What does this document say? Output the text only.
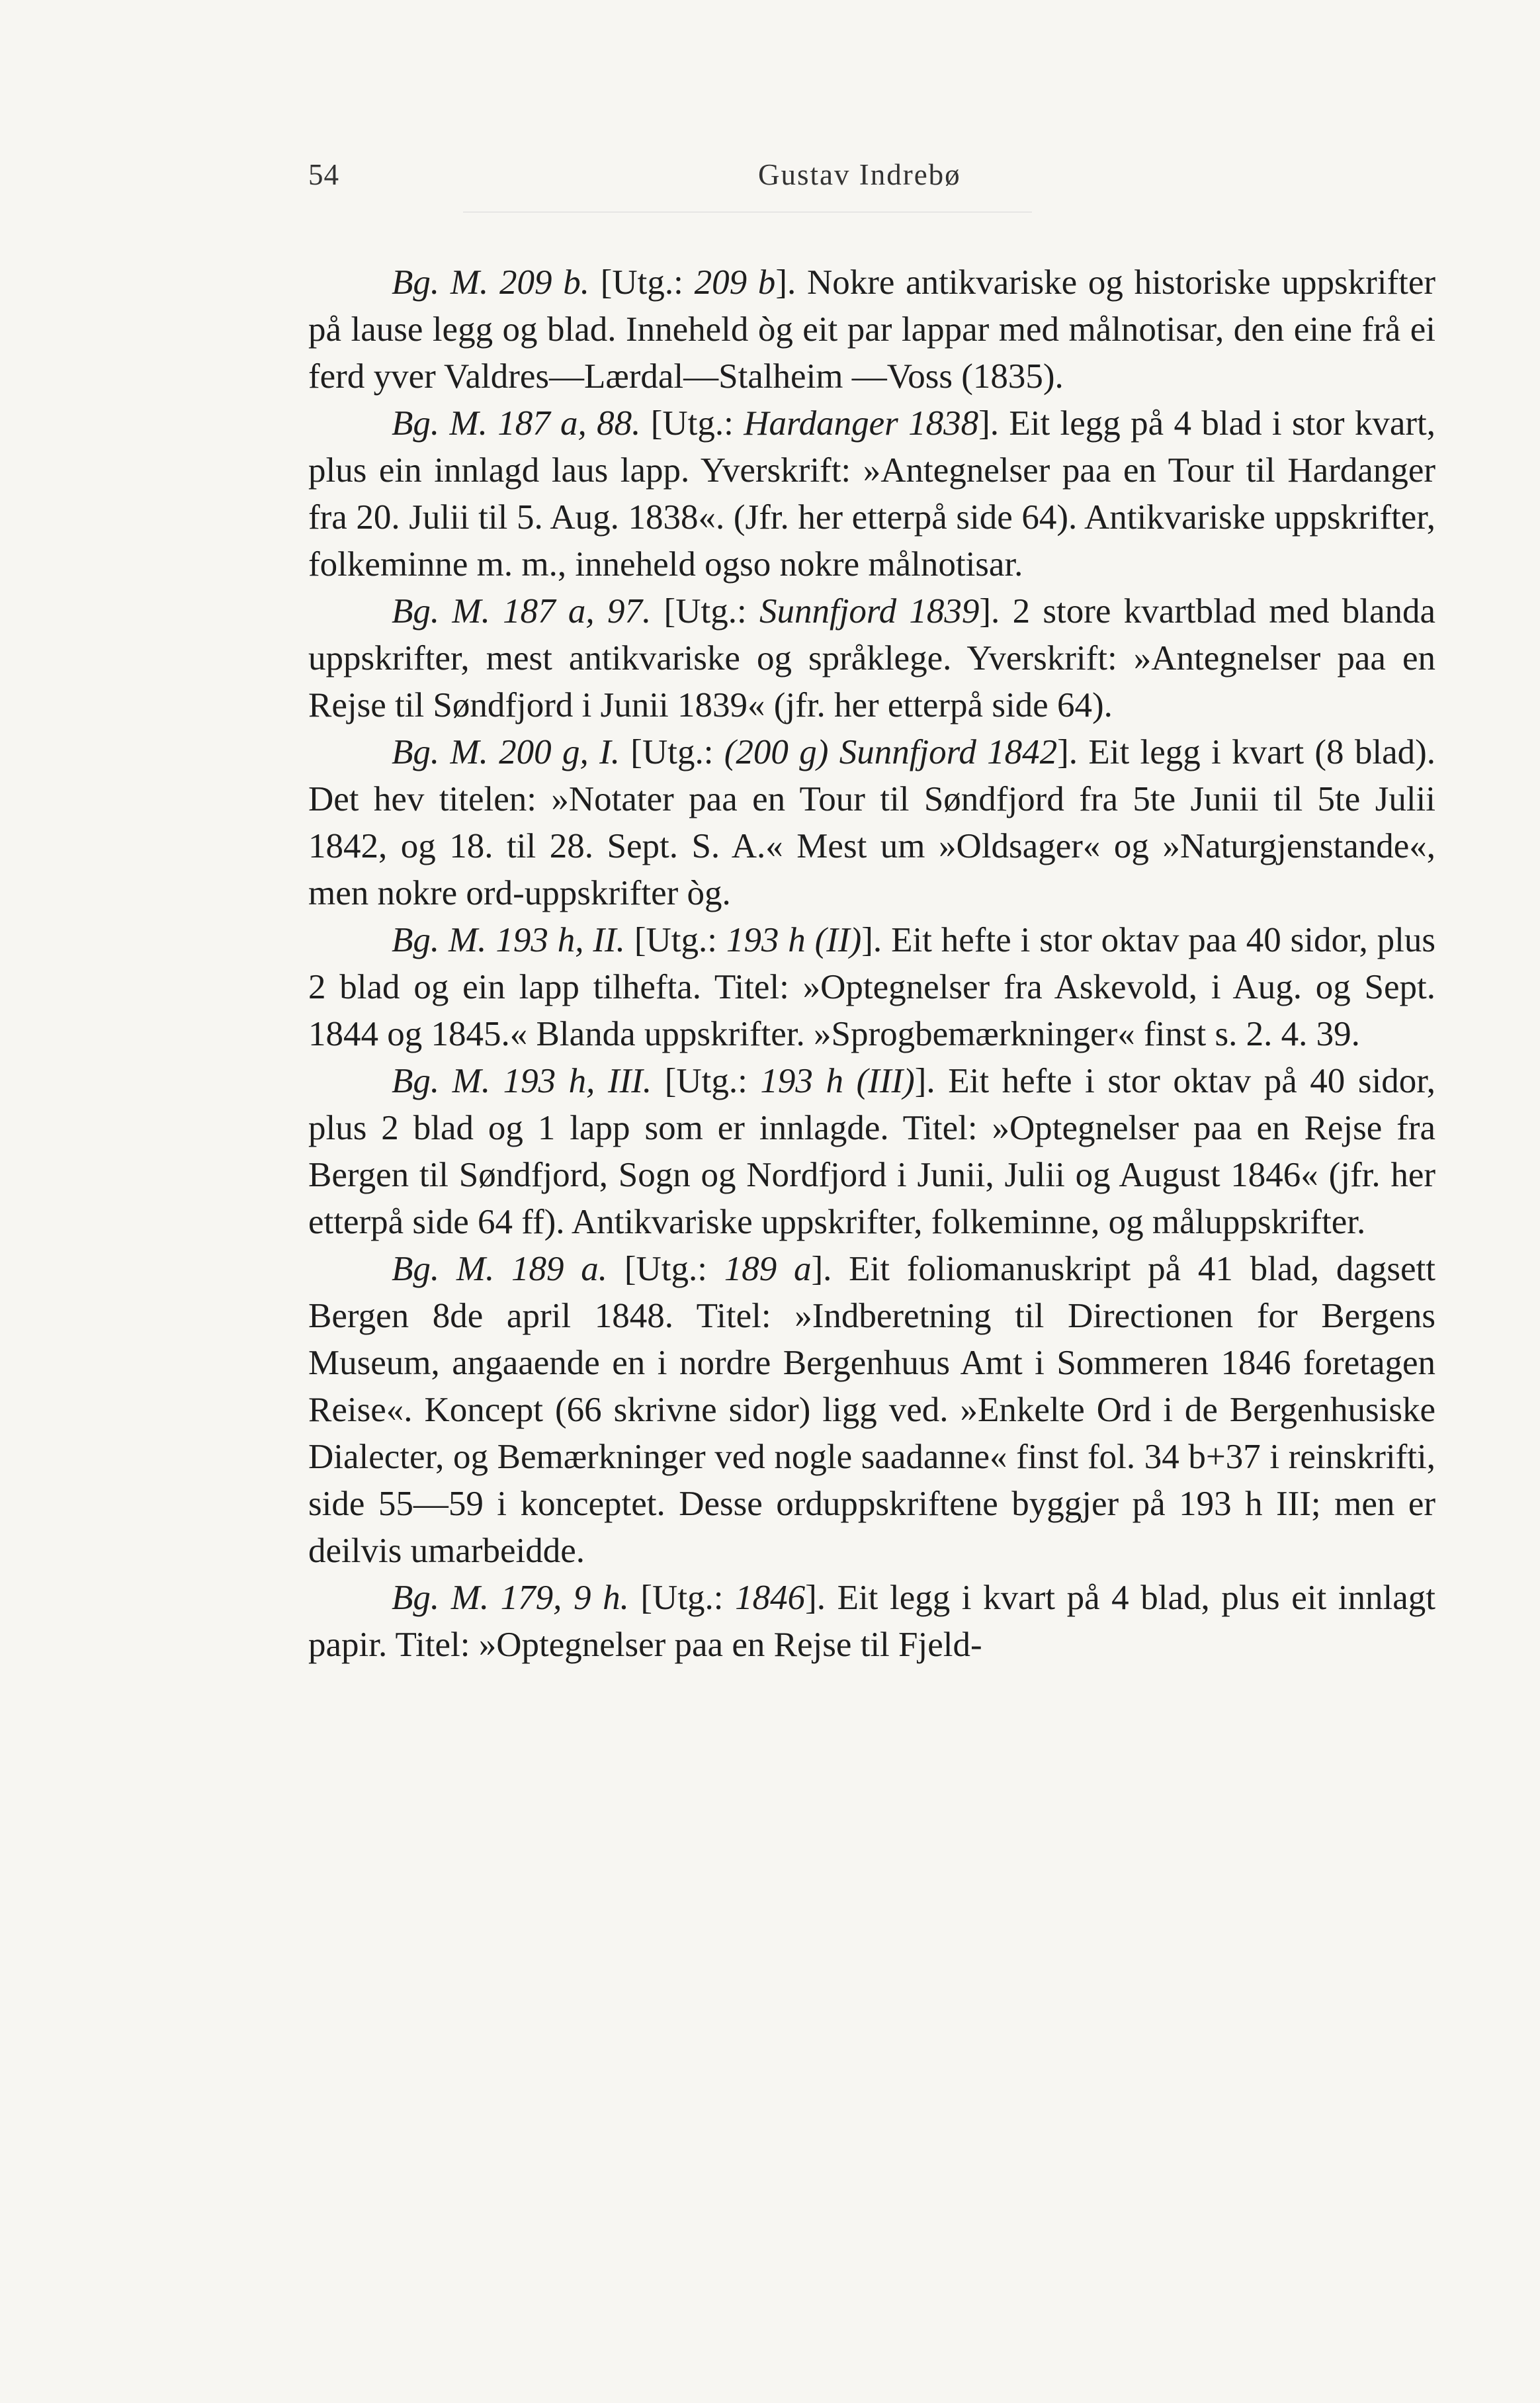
54	Gustav Indrebø

Bg. M. 209 b. [Utg.: 209 b]. Nokre antikvariske og historiske uppskrifter på lause legg og blad. Inneheld òg eit par lappar med målnotisar, den eine frå ei ferd yver Valdres—Lærdal—Stalheim —Voss (1835).

Bg. M. 187 a, 88. [Utg.: Hardanger 1838]. Eit legg på 4 blad i stor kvart, plus ein innlagd laus lapp. Yverskrift: »Antegnelser paa en Tour til Hardanger fra 20. Julii til 5. Aug. 1838«. (Jfr. her etterpå side 64). Antikvariske uppskrifter, folkeminne m. m., inneheld ogso nokre målnotisar.

Bg. M. 187 a, 97. [Utg.: Sunnfjord 1839]. 2 store kvartblad med blanda uppskrifter, mest antikvariske og språklege. Yverskrift: »Antegnelser paa en Rejse til Søndfjord i Junii 1839« (jfr. her etterpå side 64).

Bg. M. 200 g, I. [Utg.: (200 g) Sunnfjord 1842]. Eit legg i kvart (8 blad). Det hev titelen: »Notater paa en Tour til Søndfjord fra 5te Junii til 5te Julii 1842, og 18. til 28. Sept. S. A.« Mest um »Oldsager« og »Naturgjenstande«, men nokre ord-uppskrifter òg.

Bg. M. 193 h, II. [Utg.: 193 h (II)]. Eit hefte i stor oktav paa 40 sidor, plus 2 blad og ein lapp tilhefta. Titel: »Optegnelser fra Askevold, i Aug. og Sept. 1844 og 1845.« Blanda uppskrifter. »Sprogbemærkninger« finst s. 2. 4. 39.

Bg. M. 193 h, III. [Utg.: 193 h (III)]. Eit hefte i stor oktav på 40 sidor, plus 2 blad og 1 lapp som er innlagde. Titel: »Optegnelser paa en Rejse fra Bergen til Søndfjord, Sogn og Nordfjord i Junii, Julii og August 1846« (jfr. her etterpå side 64 ff). Antikvariske uppskrifter, folkeminne, og måluppskrifter.

Bg. M. 189 a. [Utg.: 189 a]. Eit foliomanuskript på 41 blad, dagsett Bergen 8de april 1848. Titel: »Indberetning til Directionen for Bergens Museum, angaaende en i nordre Bergenhuus Amt i Sommeren 1846 foretagen Reise«. Koncept (66 skrivne sidor) ligg ved. »Enkelte Ord i de Bergenhusiske Dialecter, og Bemærkninger ved nogle saadanne« finst fol. 34 b+37 i reinskrifti, side 55—59 i konceptet. Desse orduppskriftene byggjer på 193 h III; men er deilvis umarbeidde.

Bg. M. 179, 9 h. [Utg.: 1846]. Eit legg i kvart på 4 blad, plus eit innlagt papir. Titel: »Optegnelser paa en Rejse til Fjeld-
